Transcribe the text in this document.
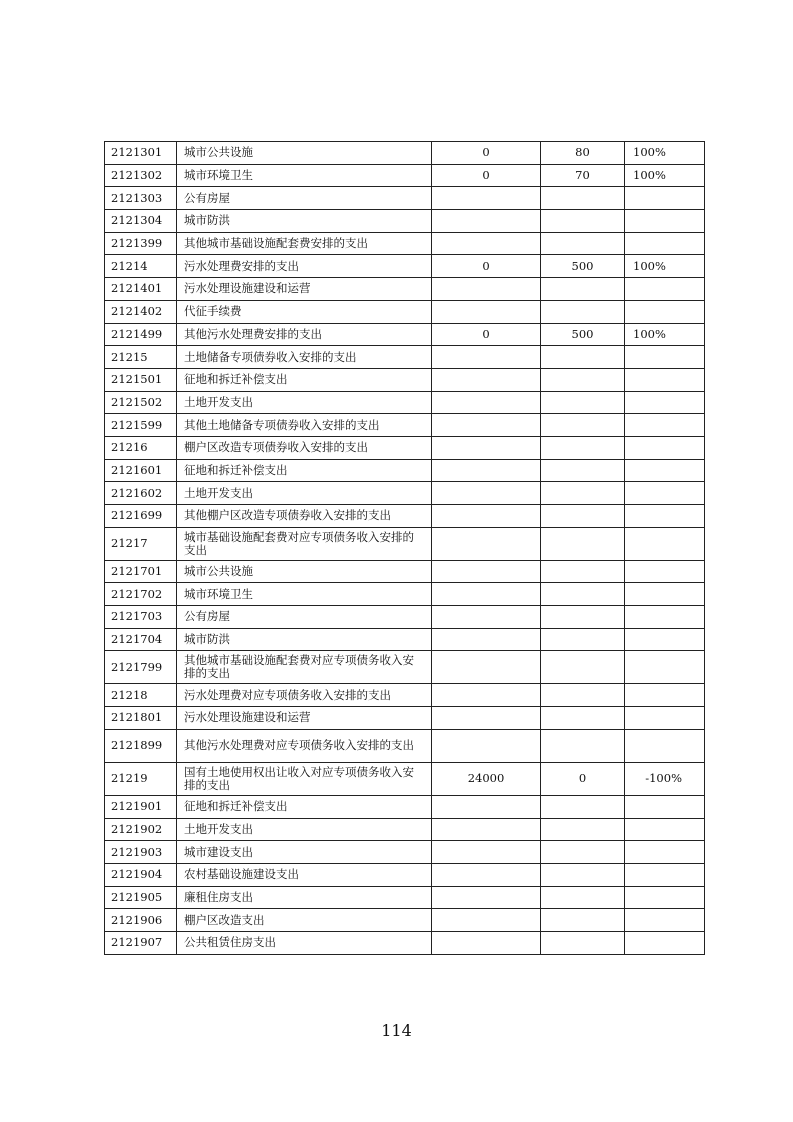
2121301	城市公共设施	0	80	100%
2121302	城市环境卫生	0	70	100%
2121303	公有房屋			
2121304	城市防洪			
2121399	其他城市基础设施配套费安排的支出			
21214	污水处理费安排的支出	0	500	100%
2121401	污水处理设施建设和运营			
2121402	代征手续费			
2121499	其他污水处理费安排的支出	0	500	100%
21215	土地储备专项债券收入安排的支出			
2121501	征地和拆迁补偿支出			
2121502	土地开发支出			
2121599	其他土地储备专项债券收入安排的支出			
21216	棚户区改造专项债券收入安排的支出			
2121601	征地和拆迁补偿支出			
2121602	土地开发支出			
2121699	其他棚户区改造专项债券收入安排的支出			
21217	城市基础设施配套费对应专项债务收入安排的支出			
2121701	城市公共设施			
2121702	城市环境卫生			
2121703	公有房屋			
2121704	城市防洪			
2121799	其他城市基础设施配套费对应专项债务收入安排的支出			
21218	污水处理费对应专项债务收入安排的支出			
2121801	污水处理设施建设和运营			
2121899	其他污水处理费对应专项债务收入安排的支出			
21219	国有土地使用权出让收入对应专项债务收入安排的支出	24000	0	-100%
2121901	征地和拆迁补偿支出			
2121902	土地开发支出			
2121903	城市建设支出			
2121904	农村基础设施建设支出			
2121905	廉租住房支出			
2121906	棚户区改造支出			
2121907	公共租赁住房支出			
114
